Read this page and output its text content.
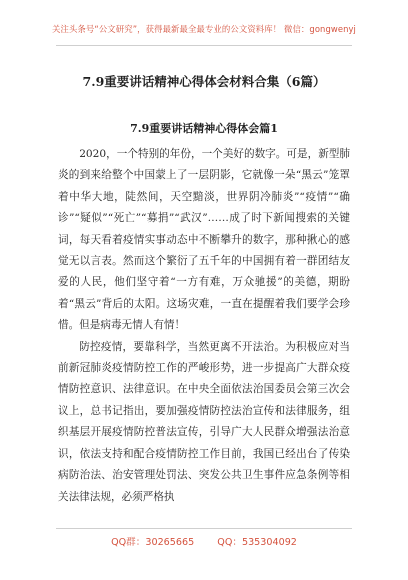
关注头条号“公文研究”，获得最新最全最专业的公文资料库！ 微信：gongwenyj
7.9重要讲话精神心得体会材料合集（6篇）
7.9重要讲话精神心得体会篇1

2020，一个特别的年份，一个美好的数字。可是，新型肺炎的到来给整个中国蒙上了一层阴影，它就像一朵“黑云”笼罩着中华大地，陡然间，天空黯淡，世界阴冷肺炎”“疫情”“确诊”“疑似”“死亡”“募捐”“武汉”……成了时下新闻搜索的关键词，每天看着疫情实事动态中不断攀升的数字，那种揪心的感觉无以言表。然而这个繁衍了五千年的中国拥有着一群团结友爱的人民，他们坚守着“一方有难，万众驰援”的美德，期盼着“黑云”背后的太阳。这场灾难，一直在提醒着我们要学会珍惜。但是病毒无情人有情！

防控疫情，要靠科学，当然更离不开法治。为积极应对当前新冠肺炎疫情防控工作的严峻形势，进一步提高广大群众疫情防控意识、法律意识。在中央全面依法治国委员会第三次会议上，总书记指出，要加强疫情防控法治宣传和法律服务，组织基层开展疫情防控普法宣传，引导广大人民群众增强法治意识，依法支持和配合疫情防控工作目前，我国已经出台了传染病防治法、治安管理处罚法、突发公共卫生事件应急条例等相关法律法规，必须严格执

QQ群：30265665 QQ：535304092
